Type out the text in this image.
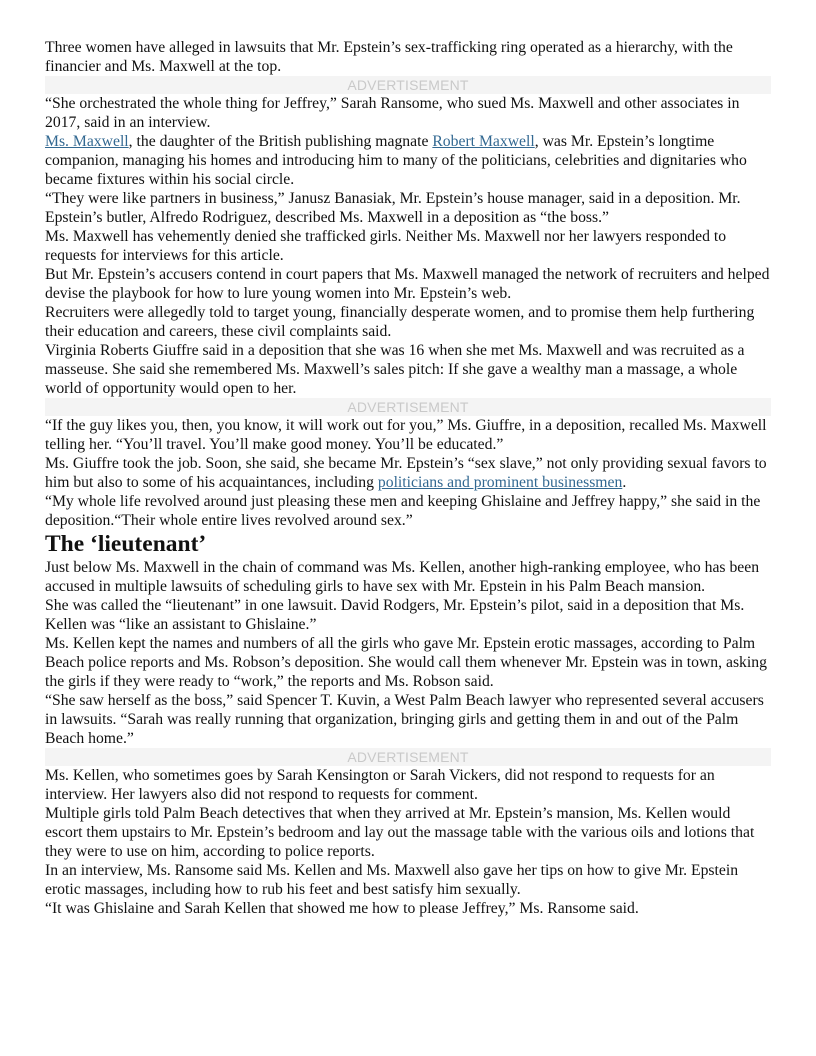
Three women have alleged in lawsuits that Mr. Epstein’s sex-trafficking ring operated as a hierarchy, with the financier and Ms. Maxwell at the top.

ADVERTISEMENT

“She orchestrated the whole thing for Jeffrey,” Sarah Ransome, who sued Ms. Maxwell and other associates in 2017, said in an interview.

Ms. Maxwell, the daughter of the British publishing magnate Robert Maxwell, was Mr. Epstein’s longtime companion, managing his homes and introducing him to many of the politicians, celebrities and dignitaries who became fixtures within his social circle.

“They were like partners in business,” Janusz Banasiak, Mr. Epstein’s house manager, said in a deposition. Mr. Epstein’s butler, Alfredo Rodriguez, described Ms. Maxwell in a deposition as “the boss.”

Ms. Maxwell has vehemently denied she trafficked girls. Neither Ms. Maxwell nor her lawyers responded to requests for interviews for this article.

But Mr. Epstein’s accusers contend in court papers that Ms. Maxwell managed the network of recruiters and helped devise the playbook for how to lure young women into Mr. Epstein’s web.

Recruiters were allegedly told to target young, financially desperate women, and to promise them help furthering their education and careers, these civil complaints said.

Virginia Roberts Giuffre said in a deposition that she was 16 when she met Ms. Maxwell and was recruited as a masseuse. She said she remembered Ms. Maxwell’s sales pitch: If she gave a wealthy man a massage, a whole world of opportunity would open to her.

ADVERTISEMENT

“If the guy likes you, then, you know, it will work out for you,” Ms. Giuffre, in a deposition, recalled Ms. Maxwell telling her. “You’ll travel. You’ll make good money. You’ll be educated.”

Ms. Giuffre took the job. Soon, she said, she became Mr. Epstein’s “sex slave,” not only providing sexual favors to him but also to some of his acquaintances, including politicians and prominent businessmen.

“My whole life revolved around just pleasing these men and keeping Ghislaine and Jeffrey happy,” she said in the deposition.“Their whole entire lives revolved around sex.”

The ‘lieutenant’

Just below Ms. Maxwell in the chain of command was Ms. Kellen, another high-ranking employee, who has been accused in multiple lawsuits of scheduling girls to have sex with Mr. Epstein in his Palm Beach mansion.

She was called the “lieutenant” in one lawsuit. David Rodgers, Mr. Epstein’s pilot, said in a deposition that Ms. Kellen was “like an assistant to Ghislaine.”

Ms. Kellen kept the names and numbers of all the girls who gave Mr. Epstein erotic massages, according to Palm Beach police reports and Ms. Robson’s deposition. She would call them whenever Mr. Epstein was in town, asking the girls if they were ready to “work,” the reports and Ms. Robson said.

“She saw herself as the boss,” said Spencer T. Kuvin, a West Palm Beach lawyer who represented several accusers in lawsuits. “Sarah was really running that organization, bringing girls and getting them in and out of the Palm Beach home.”

ADVERTISEMENT

Ms. Kellen, who sometimes goes by Sarah Kensington or Sarah Vickers, did not respond to requests for an interview. Her lawyers also did not respond to requests for comment.

Multiple girls told Palm Beach detectives that when they arrived at Mr. Epstein’s mansion, Ms. Kellen would escort them upstairs to Mr. Epstein’s bedroom and lay out the massage table with the various oils and lotions that they were to use on him, according to police reports.

In an interview, Ms. Ransome said Ms. Kellen and Ms. Maxwell also gave her tips on how to give Mr. Epstein erotic massages, including how to rub his feet and best satisfy him sexually.

“It was Ghislaine and Sarah Kellen that showed me how to please Jeffrey,” Ms. Ransome said.
